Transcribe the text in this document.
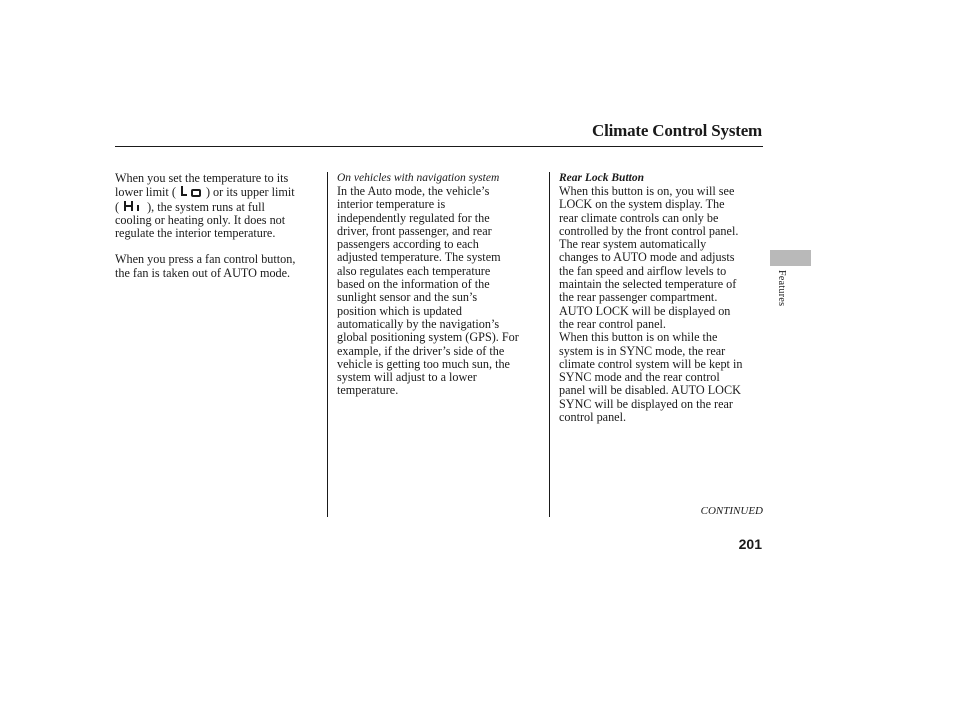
Climate Control System

When you set the temperature to its
lower limit ( ) or its upper limit
( ), the system runs at full
cooling or heating only. It does not
regulate the interior temperature.

When you press a fan control button,
the fan is taken out of AUTO mode.

On vehicles with navigation system

In the Auto mode, the vehicle’s
interior temperature is
independently regulated for the
driver, front passenger, and rear
passengers according to each
adjusted temperature. The system
also regulates each temperature
based on the information of the
sunlight sensor and the sun’s
position which is updated
automatically by the navigation’s
global positioning system (GPS). For
example, if the driver’s side of the
vehicle is getting too much sun, the
system will adjust to a lower
temperature.

Rear Lock Button

When this button is on, you will see
LOCK on the system display. The
rear climate controls can only be
controlled by the front control panel.
The rear system automatically
changes to AUTO mode and adjusts
the fan speed and airflow levels to
maintain the selected temperature of
the rear passenger compartment.
AUTO LOCK will be displayed on
the rear control panel.

When this button is on while the
system is in SYNC mode, the rear
climate control system will be kept in
SYNC mode and the rear control
panel will be disabled. AUTO LOCK
SYNC will be displayed on the rear
control panel.

CONTINUED
201
Features
